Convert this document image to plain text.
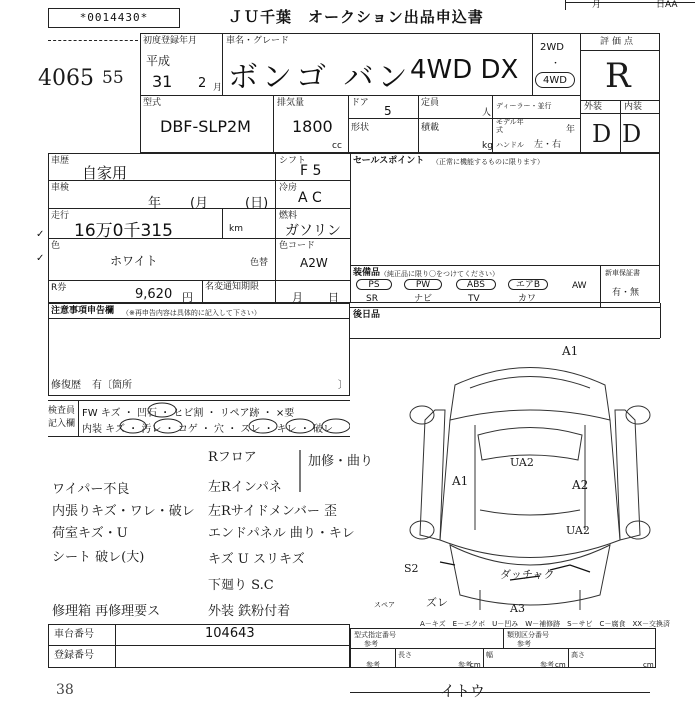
*0014430*	ＪＵ千葉　オークション出品申込書
月	日AA
4065 55
初度登録年月
平成
31 2 月
車名・グレード
ボンゴ バン
4WD DX
2WD
・
4WD
評価点
R
外装 内装
D D
型式
DBF-SLP2M
排気量
1800
cc
ドア
5
定員
人
形状	積載
kg
ディーラー・並行
モデル年式	年
ハンドル 左・右
車歴
自家用
シフト
F 5
車検
年 (月	(日)
冷房
A C
走行
16万0千315	km
燃料
ガソリン
色
ホワイト	色替
色コード
A2W
R券	9,620 円
名変通知期限
月 日
セールスポイント （正常に機能するものに限ります）
装備品 （純正品に限り〇をつけてください）
PS	PW	ABS	エアB	AW
SR	ナビ	TV	カワ
新車保証書
有・無
後日品
注意事項申告欄 （※再申告内容は具体的に記入して下さい）
修復歴 有〔箇所	〕
検査員
記入欄
FW キズ ・ 凹石 ・ ヒビ割 ・ リペア跡 ・ ×要
内装 キズ ・ 汚レ ・ コゲ ・ 穴 ・ スレ ・ キレ ・ 破レ
ワイパー不良
内張りキズ・ワレ・破レ
荷室キズ・U
シート 破レ(大)
修理箱 再修理要ス
Rフロア
左Rインパネ
左Rサイドメンバー 歪
エンドパネル 曲り・キレ
キズ U スリキズ
下廻り S.C
外装 鉄粉付着
加修・曲り
A1
A1	A2
UA2
UA2
S2	ダッチャク
ズレ	A3
スペア
A－キズ　E－エクボ　U－凹み　W－補修跡　S－サビ　C－腐食　XX－交換済
車台番号	104643
登録番号
型式指定番号
参考
類別区分番号
参考
長さ	幅	高さ
参考	参考	参考
cm	cm	cm
38	イトウ
✓
✓
